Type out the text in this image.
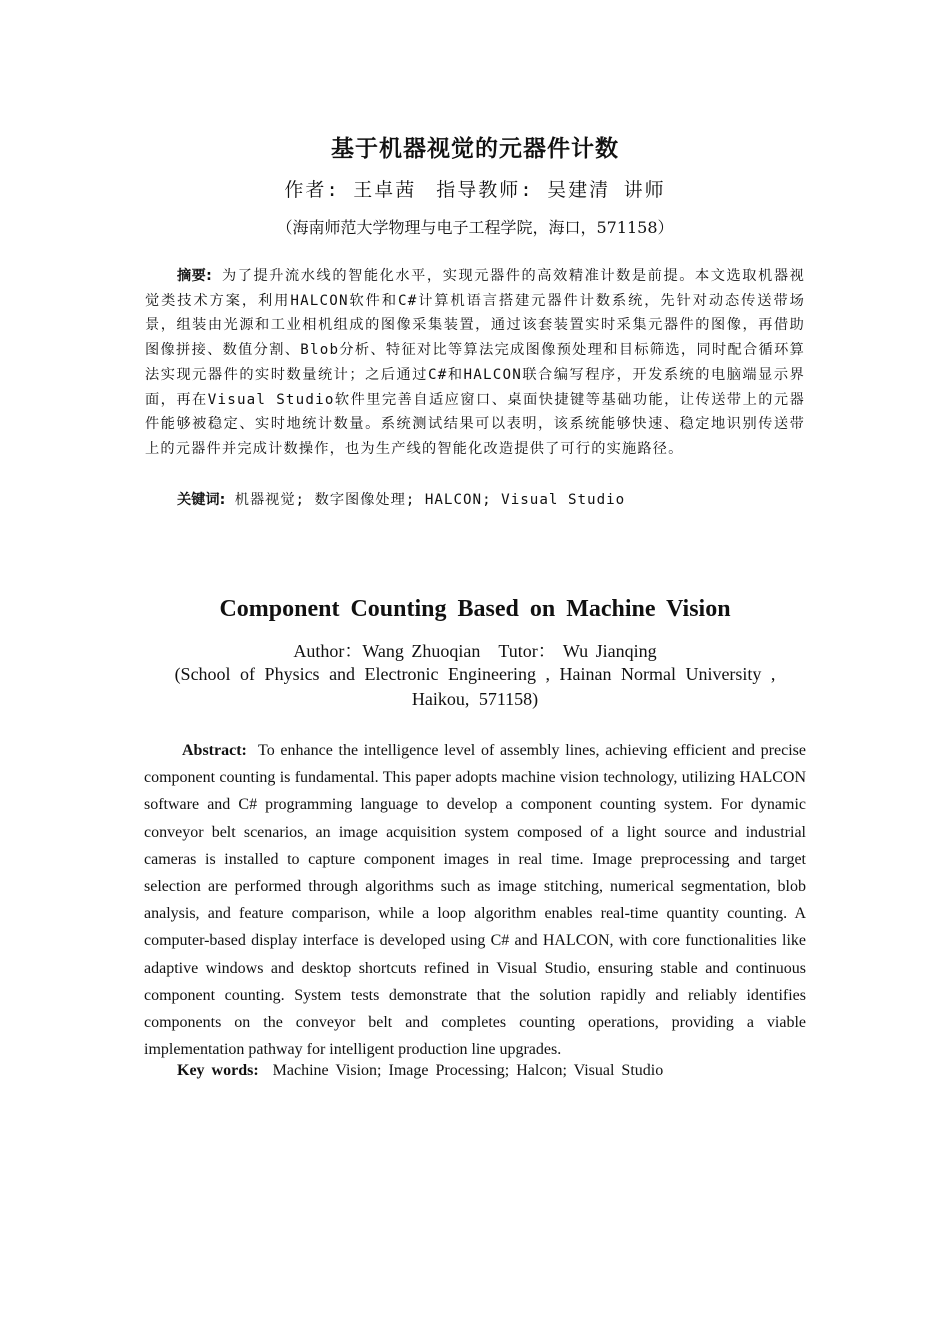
基于机器视觉的元器件计数
作者: 王卓茜 指导教师: 吴建清 讲师
（海南师范大学物理与电子工程学院，海口，571158）
摘要: 为了提升流水线的智能化水平，实现元器件的高效精准计数是前提。本文选取机器视觉类技术方案，利用HALCON软件和C#计算机语言搭建元器件计数系统，先针对动态传送带场景，组装由光源和工业相机组成的图像采集装置，通过该套装置实时采集元器件的图像，再借助图像拼接、数值分割、Blob分析、特征对比等算法完成图像预处理和目标筛选，同时配合循环算法实现元器件的实时数量统计；之后通过C#和HALCON联合编写程序，开发系统的电脑端显示界面，再在Visual Studio软件里完善自适应窗口、桌面快捷键等基础功能，让传送带上的元器件能够被稳定、实时地统计数量。系统测试结果可以表明，该系统能够快速、稳定地识别传送带上的元器件并完成计数操作，也为生产线的智能化改造提供了可行的实施路径。
关键词: 机器视觉; 数字图像处理; HALCON; Visual Studio
Component Counting Based on Machine Vision
Author：Wang Zhuoqian Tutor： Wu Jianqing
(School of Physics and Electronic Engineering , Hainan Normal University , Haikou, 571158)
Abstract: To enhance the intelligence level of assembly lines, achieving efficient and precise component counting is fundamental. This paper adopts machine vision technology, utilizing HALCON software and C# programming language to develop a component counting system. For dynamic conveyor belt scenarios, an image acquisition system composed of a light source and industrial cameras is installed to capture component images in real time. Image preprocessing and target selection are performed through algorithms such as image stitching, numerical segmentation, blob analysis, and feature comparison, while a loop algorithm enables real-time quantity counting. A computer-based display interface is developed using C# and HALCON, with core functionalities like adaptive windows and desktop shortcuts refined in Visual Studio, ensuring stable and continuous component counting. System tests demonstrate that the solution rapidly and reliably identifies components on the conveyor belt and completes counting operations, providing a viable implementation pathway for intelligent production line upgrades.
Key words: Machine Vision; Image Processing; Halcon; Visual Studio
